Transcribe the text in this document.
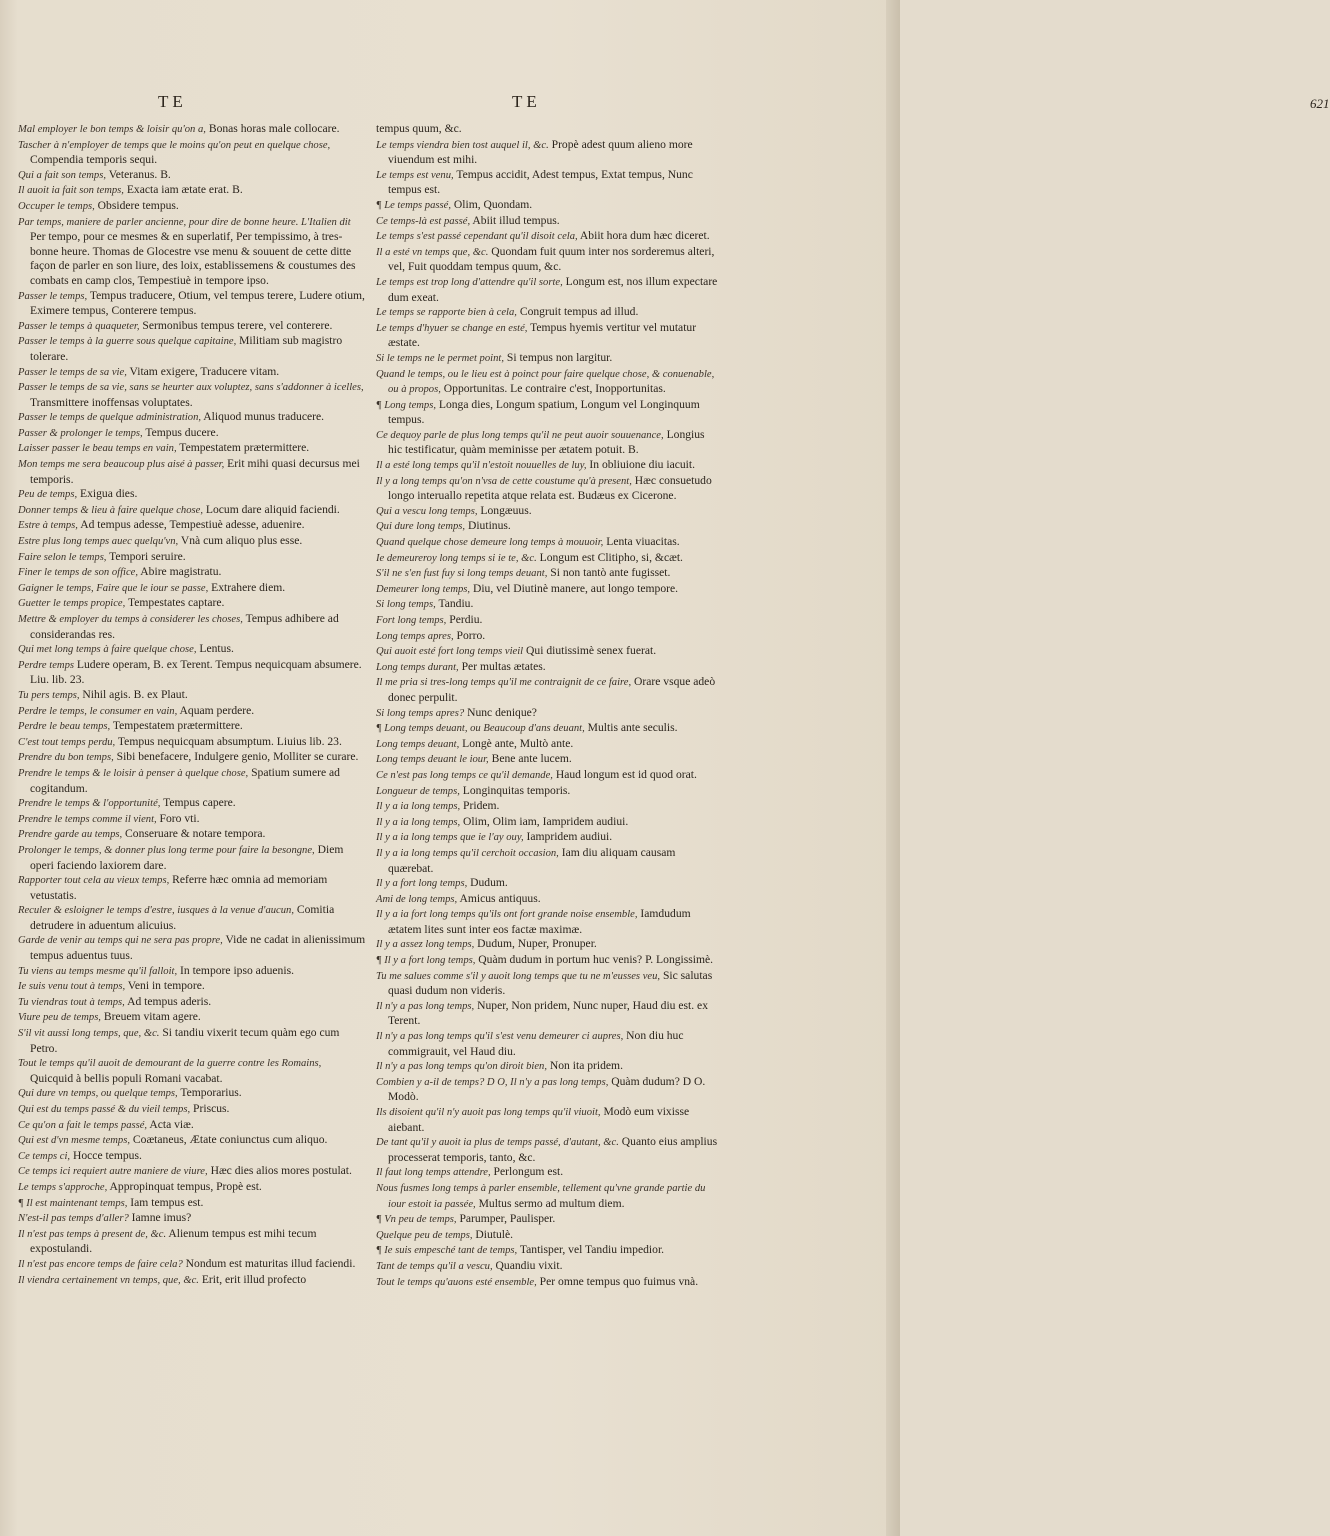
TE	TE	621

Mal employer le bon temps & loisir qu'on a, Bonas horas male collocare.

Tascher à n'employer de temps que le moins qu'on peut en quelque chose, Compendia temporis sequi.

Qui a fait son temps, Veteranus. B.

Il auoit ia fait son temps, Exacta iam ætate erat. B.

Occuper le temps, Obsidere tempus.

Par temps, maniere de parler ancienne, pour dire de bonne heure. L'Italien dit Per tempo, pour ce mesmes & en superlatif, Per tempissimo, à tres-bonne heure. Thomas de Glocestre vse menu & souuent de cette ditte façon de parler en son liure, des loix, establissemens & coustumes des combats en camp clos, Tempestiuè in tempore ipso.

Passer le temps, Tempus traducere, Otium, vel tempus terere, Ludere otium, Eximere tempus, Conterere tempus.

Passer le temps à quaqueter, Sermonibus tempus terere, vel conterere.

Passer le temps à la guerre sous quelque capitaine, Militiam sub magistro tolerare.

Passer le temps de sa vie, Vitam exigere, Traducere vitam.

Passer le temps de sa vie, sans se heurter aux voluptez, sans s'addonner à icelles, Transmittere inoffensas voluptates.

Passer le temps de quelque administration, Aliquod munus traducere.

Passer & prolonger le temps, Tempus ducere.

Laisser passer le beau temps en vain, Tempestatem prætermittere.

Mon temps me sera beaucoup plus aisé à passer, Erit mihi quasi decursus mei temporis.

Peu de temps, Exigua dies.

Donner temps & lieu à faire quelque chose, Locum dare aliquid faciendi.

Estre à temps, Ad tempus adesse, Tempestiuè adesse, aduenire.

Estre plus long temps auec quelqu'vn, Vnà cum aliquo plus esse.

Faire selon le temps, Tempori seruire.

Finer le temps de son office, Abire magistratu.

Gaigner le temps, Faire que le iour se passe, Extrahere diem.

Guetter le temps propice, Tempestates captare.

Mettre & employer du temps à considerer les choses, Tempus adhibere ad considerandas res.

Qui met long temps à faire quelque chose, Lentus.

Perdre temps Ludere operam, B. ex Terent. Tempus nequicquam absumere. Liu. lib. 23.

Tu pers temps, Nihil agis. B. ex Plaut.

Perdre le temps, le consumer en vain, Aquam perdere.

Perdre le beau temps, Tempestatem prætermittere.

C'est tout temps perdu, Tempus nequicquam absumptum. Liuius lib. 23.

Prendre du bon temps, Sibi benefacere, Indulgere genio, Molliter se curare.

Prendre le temps & le loisir à penser à quelque chose, Spatium sumere ad cogitandum.

Prendre le temps & l'opportunité, Tempus capere.

Prendre le temps comme il vient, Foro vti.

Prendre garde au temps, Conseruare & notare tempora.

Prolonger le temps, & donner plus long terme pour faire la besongne, Diem operi faciendo laxiorem dare.

Rapporter tout cela au vieux temps, Referre hæc omnia ad memoriam vetustatis.

Reculer & esloigner le temps d'estre, iusques à la venue d'aucun, Comitia detrudere in aduentum alicuius.

Garde de venir au temps qui ne sera pas propre, Vide ne cadat in alienissimum tempus aduentus tuus.

Tu viens au temps mesme qu'il falloit, In tempore ipso aduenis.

Ie suis venu tout à temps, Veni in tempore.

Tu viendras tout à temps, Ad tempus aderis.

Viure peu de temps, Breuem vitam agere.

S'il vit aussi long temps, que, &c. Si tandiu vixerit tecum quàm ego cum Petro.

Tout le temps qu'il auoit de demourant de la guerre contre les Romains, Quicquid à bellis populi Romani vacabat.

Qui dure vn temps, ou quelque temps, Temporarius.

Qui est du temps passé & du vieil temps, Priscus.

Ce qu'on a fait le temps passé, Acta viæ.

Qui est d'vn mesme temps, Coætaneus, Ætate coniunctus cum aliquo.

Ce temps ci, Hocce tempus.

Ce temps ici requiert autre maniere de viure, Hæc dies alios mores postulat.

Le temps s'approche, Appropinquat tempus, Propè est.

¶ Il est maintenant temps, Iam tempus est.

N'est-il pas temps d'aller? Iamne imus?

Il n'est pas temps à present de, &c. Alienum tempus est mihi tecum expostulandi.

Il n'est pas encore temps de faire cela? Nondum est maturitas illud faciendi.

Il viendra certainement vn temps, que, &c. Erit, erit illud profecto

tempus quum, &c.

Le temps viendra bien tost auquel il, &c. Propè adest quum alieno more viuendum est mihi.

Le temps est venu, Tempus accidit, Adest tempus, Extat tempus, Nunc tempus est.

¶ Le temps passé, Olim, Quondam.

Ce temps-là est passé, Abiit illud tempus.

Le temps s'est passé cependant qu'il disoit cela, Abiit hora dum hæc diceret.

Il a esté vn temps que, &c. Quondam fuit quum inter nos sorderemus alteri, vel, Fuit quoddam tempus quum, &c.

Le temps est trop long d'attendre qu'il sorte, Longum est, nos illum expectare dum exeat.

Le temps se rapporte bien à cela, Congruit tempus ad illud.

Le temps d'hyuer se change en esté, Tempus hyemis vertitur vel mutatur æstate.

Si le temps ne le permet point, Si tempus non largitur.

Quand le temps, ou le lieu est à poinct pour faire quelque chose, & conuenable, ou à propos, Opportunitas. Le contraire c'est, Inopportunitas.

¶ Long temps, Longa dies, Longum spatium, Longum vel Longinquum tempus.

Ce dequoy parle de plus long temps qu'il ne peut auoir souuenance, Longius hic testificatur, quàm meminisse per ætatem potuit. B.

Il a esté long temps qu'il n'estoit nouuelles de luy, In obliuione diu iacuit.

Il y a long temps qu'on n'vsa de cette coustume qu'à present, Hæc consuetudo longo interuallo repetita atque relata est. Budæus ex Cicerone.

Qui a vescu long temps, Longæuus.

Qui dure long temps, Diutinus.

Quand quelque chose demeure long temps à mouuoir, Lenta viuacitas.

Ie demeureroy long temps si ie te, &c. Longum est Clitipho, si, &cæt.

S'il ne s'en fust fuy si long temps deuant, Si non tantò ante fugisset.

Demeurer long temps, Diu, vel Diutinè manere, aut longo tempore.

Si long temps, Tandiu.

Fort long temps, Perdiu.

Long temps apres, Porro.

Qui auoit esté fort long temps vieil Qui diutissimè senex fuerat.

Long temps durant, Per multas ætates.

Il me pria si tres-long temps qu'il me contraignit de ce faire, Orare vsque adeò donec perpulit.

Si long temps apres? Nunc denique?

¶ Long temps deuant, ou Beaucoup d'ans deuant, Multis ante seculis.

Long temps deuant, Longè ante, Multò ante.

Long temps deuant le iour, Bene ante lucem.

Ce n'est pas long temps ce qu'il demande, Haud longum est id quod orat.

Longueur de temps, Longinquitas temporis.

Il y a ia long temps, Pridem.

Il y a ia long temps, Olim, Olim iam, Iampridem audiui.

Il y a ia long temps que ie l'ay ouy, Iampridem audiui.

Il y a ia long temps qu'il cerchoit occasion, Iam diu aliquam causam quærebat.

Il y a fort long temps, Dudum.

Ami de long temps, Amicus antiquus.

Il y a ia fort long temps qu'ils ont fort grande noise ensemble, Iamdudum ætatem lites sunt inter eos factæ maximæ.

Il y a assez long temps, Dudum, Nuper, Pronuper.

¶ Il y a fort long temps, Quàm dudum in portum huc venis? P. Longissimè.

Tu me salues comme s'il y auoit long temps que tu ne m'eusses veu, Sic salutas quasi dudum non videris.

Il n'y a pas long temps, Nuper, Non pridem, Nunc nuper, Haud diu est. ex Terent.

Il n'y a pas long temps qu'il s'est venu demeurer ci aupres, Non diu huc commigrauit, vel Haud diu.

Il n'y a pas long temps qu'on diroit bien, Non ita pridem.

Combien y a-il de temps? D O, Il n'y a pas long temps, Quàm dudum? D O. Modò.

Ils disoient qu'il n'y auoit pas long temps qu'il viuoit, Modò eum vixisse aiebant.

De tant qu'il y auoit ia plus de temps passé, d'autant, &c. Quanto eius amplius processerat temporis, tanto, &c.

Il faut long temps attendre, Perlongum est.

Nous fusmes long temps à parler ensemble, tellement qu'vne grande partie du iour estoit ia passée, Multus sermo ad multum diem.

¶ Vn peu de temps, Parumper, Paulisper.

Quelque peu de temps, Diutulè.

¶ Ie suis empesché tant de temps, Tantisper, vel Tandiu impedior.

Tant de temps qu'il a vescu, Quandiu vixit.

Tout le temps qu'auons esté ensemble, Per omne tempus quo fuimus vnà.
